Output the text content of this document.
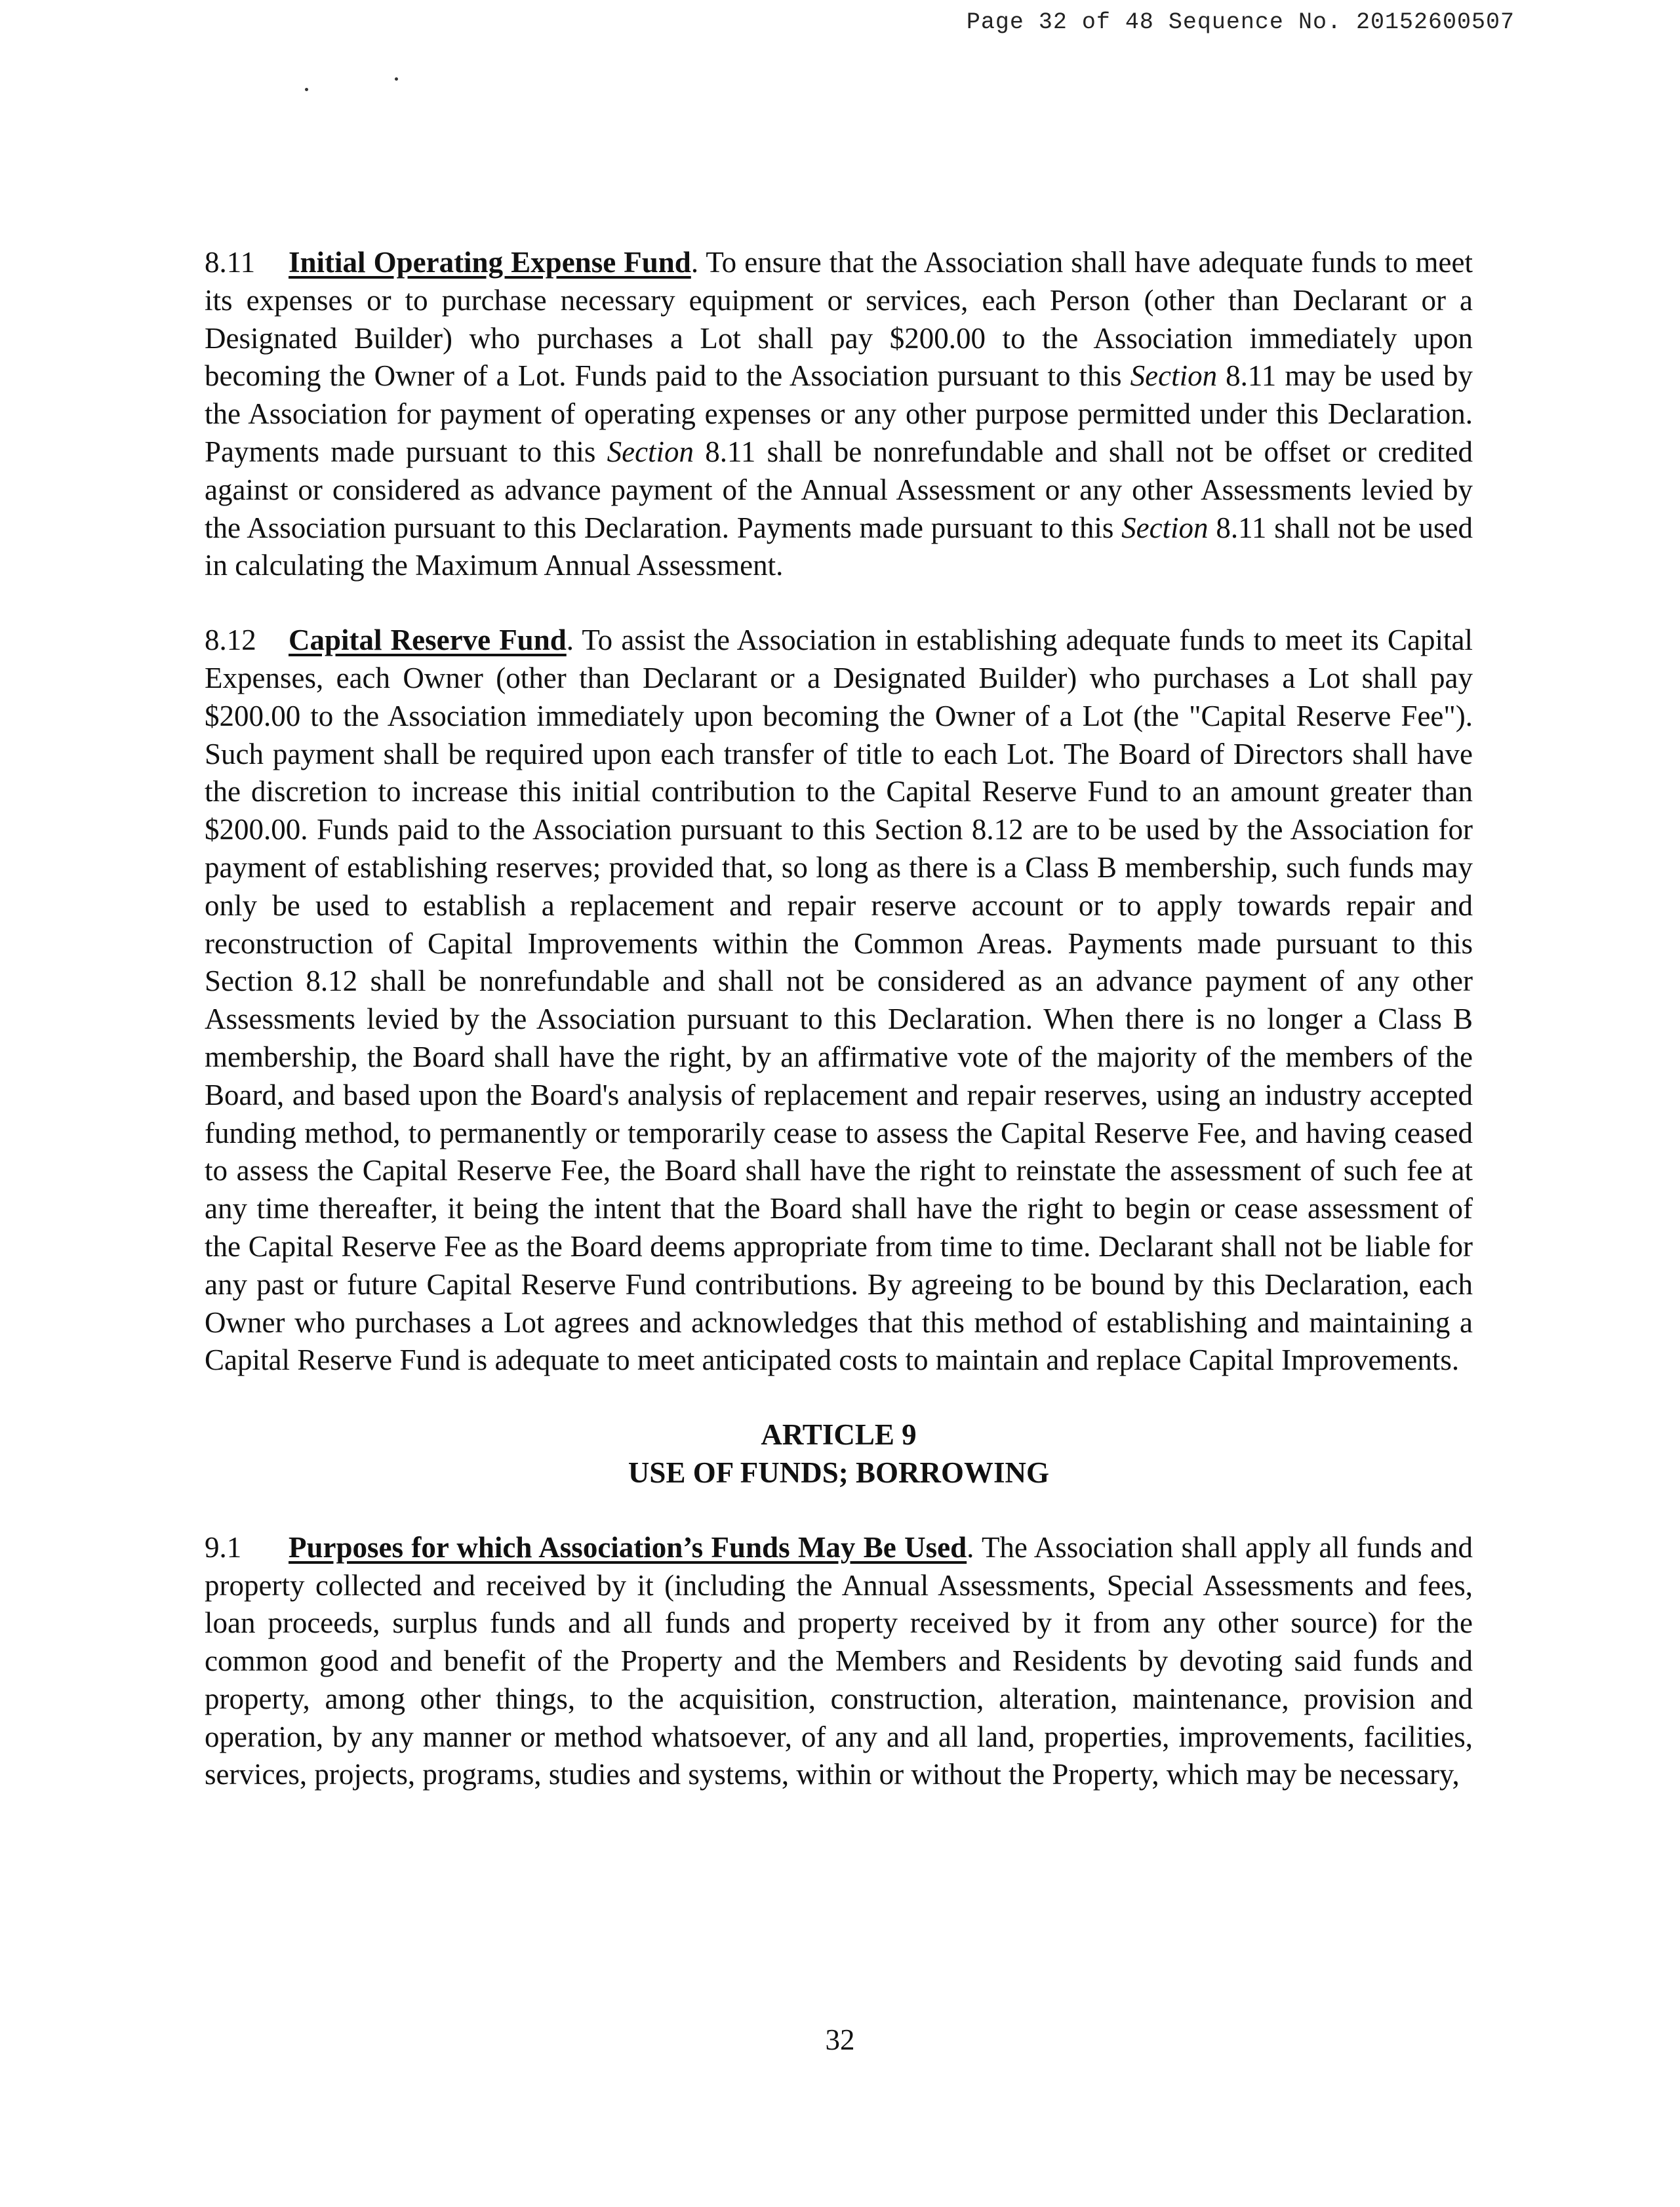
Page 32 of 48 Sequence No. 20152600507

8.11 Initial Operating Expense Fund. To ensure that the Association shall have adequate funds to meet its expenses or to purchase necessary equipment or services, each Person (other than Declarant or a Designated Builder) who purchases a Lot shall pay $200.00 to the Association immediately upon becoming the Owner of a Lot. Funds paid to the Association pursuant to this Section 8.11 may be used by the Association for payment of operating expenses or any other purpose permitted under this Declaration. Payments made pursuant to this Section 8.11 shall be nonrefundable and shall not be offset or credited against or considered as advance payment of the Annual Assessment or any other Assessments levied by the Association pursuant to this Declaration. Payments made pursuant to this Section 8.11 shall not be used in calculating the Maximum Annual Assessment.

8.12 Capital Reserve Fund. To assist the Association in establishing adequate funds to meet its Capital Expenses, each Owner (other than Declarant or a Designated Builder) who purchases a Lot shall pay $200.00 to the Association immediately upon becoming the Owner of a Lot (the "Capital Reserve Fee"). Such payment shall be required upon each transfer of title to each Lot. The Board of Directors shall have the discretion to increase this initial contribution to the Capital Reserve Fund to an amount greater than $200.00. Funds paid to the Association pursuant to this Section 8.12 are to be used by the Association for payment of establishing reserves; provided that, so long as there is a Class B membership, such funds may only be used to establish a replacement and repair reserve account or to apply towards repair and reconstruction of Capital Improvements within the Common Areas. Payments made pursuant to this Section 8.12 shall be nonrefundable and shall not be considered as an advance payment of any other Assessments levied by the Association pursuant to this Declaration. When there is no longer a Class B membership, the Board shall have the right, by an affirmative vote of the majority of the members of the Board, and based upon the Board's analysis of replacement and repair reserves, using an industry accepted funding method, to permanently or temporarily cease to assess the Capital Reserve Fee, and having ceased to assess the Capital Reserve Fee, the Board shall have the right to reinstate the assessment of such fee at any time thereafter, it being the intent that the Board shall have the right to begin or cease assessment of the Capital Reserve Fee as the Board deems appropriate from time to time. Declarant shall not be liable for any past or future Capital Reserve Fund contributions. By agreeing to be bound by this Declaration, each Owner who purchases a Lot agrees and acknowledges that this method of establishing and maintaining a Capital Reserve Fund is adequate to meet anticipated costs to maintain and replace Capital Improvements.

ARTICLE 9
USE OF FUNDS; BORROWING

9.1 Purposes for which Association’s Funds May Be Used. The Association shall apply all funds and property collected and received by it (including the Annual Assessments, Special Assessments and fees, loan proceeds, surplus funds and all funds and property received by it from any other source) for the common good and benefit of the Property and the Members and Residents by devoting said funds and property, among other things, to the acquisition, construction, alteration, maintenance, provision and operation, by any manner or method whatsoever, of any and all land, properties, improvements, facilities, services, projects, programs, studies and systems, within or without the Property, which may be necessary,

32
